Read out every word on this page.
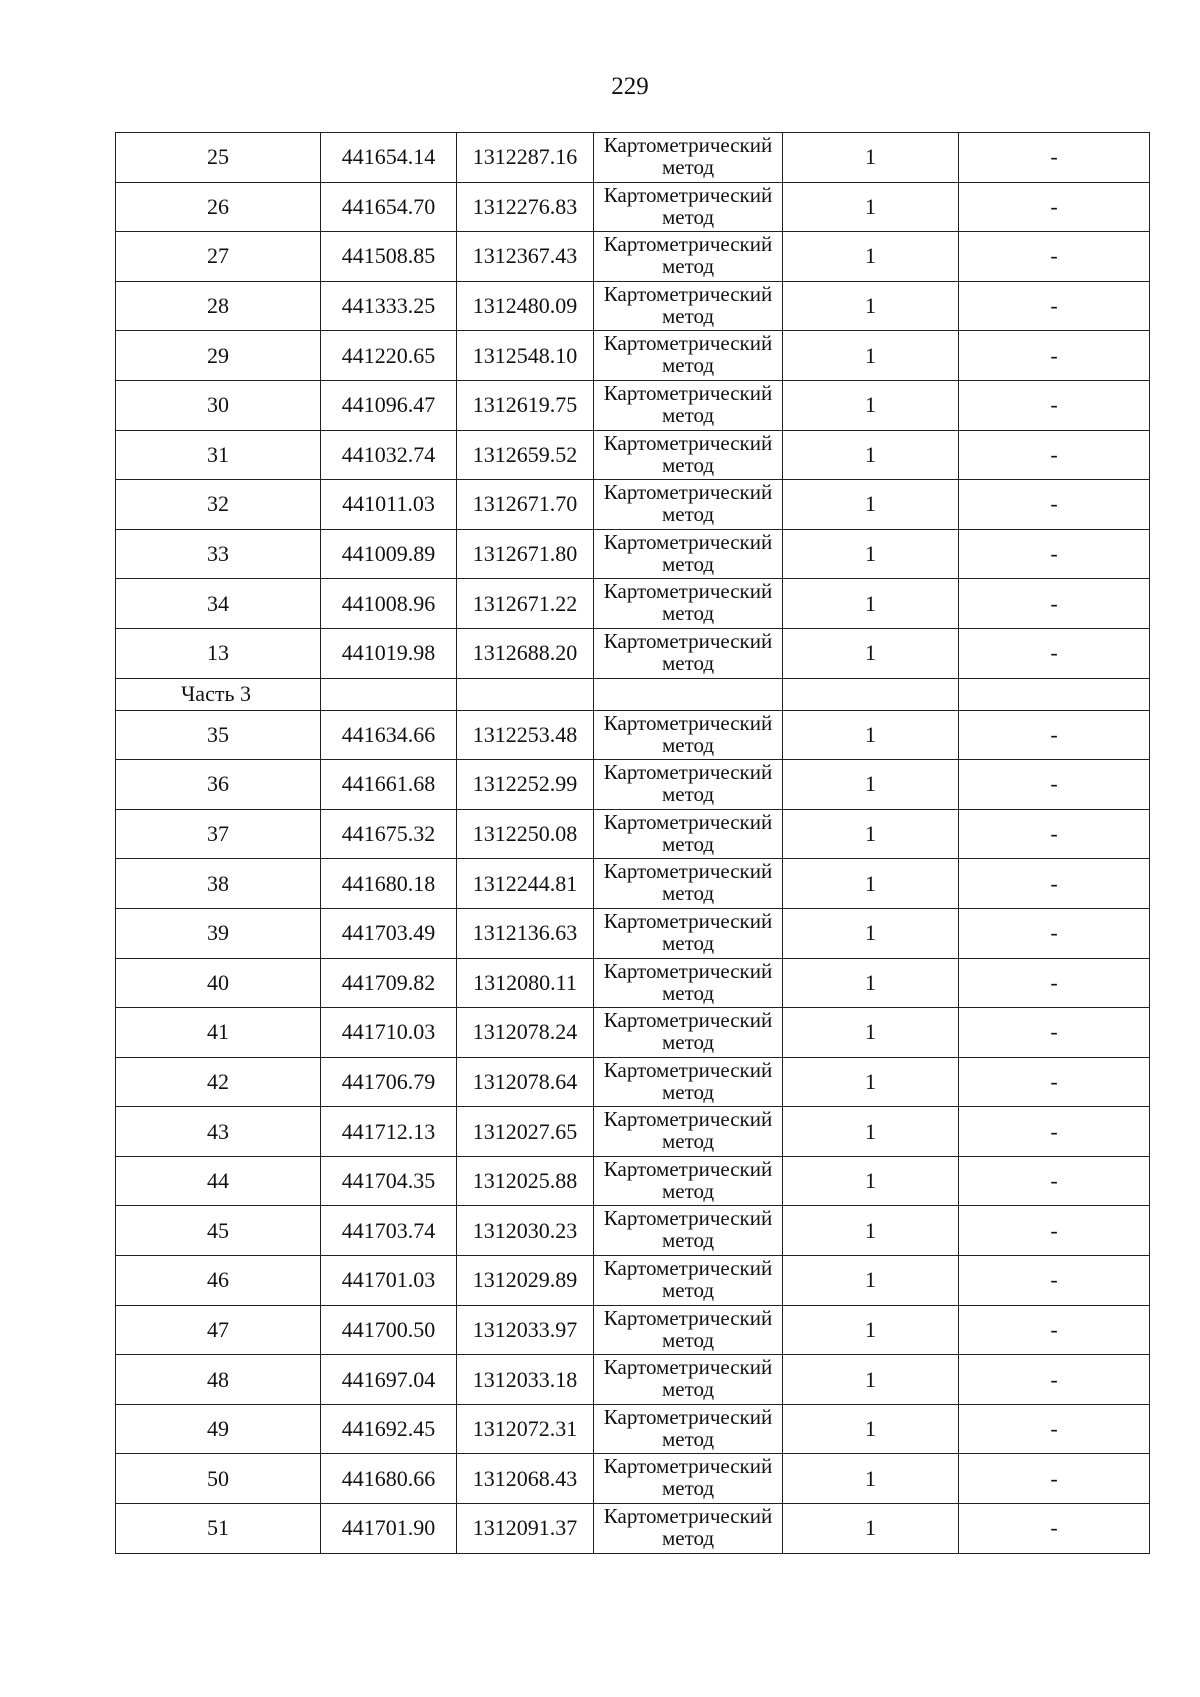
229
25	441654.14	1312287.16	Картометрический метод	1	-
26	441654.70	1312276.83	Картометрический метод	1	-
27	441508.85	1312367.43	Картометрический метод	1	-
28	441333.25	1312480.09	Картометрический метод	1	-
29	441220.65	1312548.10	Картометрический метод	1	-
30	441096.47	1312619.75	Картометрический метод	1	-
31	441032.74	1312659.52	Картометрический метод	1	-
32	441011.03	1312671.70	Картометрический метод	1	-
33	441009.89	1312671.80	Картометрический метод	1	-
34	441008.96	1312671.22	Картометрический метод	1	-
13	441019.98	1312688.20	Картометрический метод	1	-
Часть 3					
35	441634.66	1312253.48	Картометрический метод	1	-
36	441661.68	1312252.99	Картометрический метод	1	-
37	441675.32	1312250.08	Картометрический метод	1	-
38	441680.18	1312244.81	Картометрический метод	1	-
39	441703.49	1312136.63	Картометрический метод	1	-
40	441709.82	1312080.11	Картометрический метод	1	-
41	441710.03	1312078.24	Картометрический метод	1	-
42	441706.79	1312078.64	Картометрический метод	1	-
43	441712.13	1312027.65	Картометрический метод	1	-
44	441704.35	1312025.88	Картометрический метод	1	-
45	441703.74	1312030.23	Картометрический метод	1	-
46	441701.03	1312029.89	Картометрический метод	1	-
47	441700.50	1312033.97	Картометрический метод	1	-
48	441697.04	1312033.18	Картометрический метод	1	-
49	441692.45	1312072.31	Картометрический метод	1	-
50	441680.66	1312068.43	Картометрический метод	1	-
51	441701.90	1312091.37	Картометрический метод	1	-
